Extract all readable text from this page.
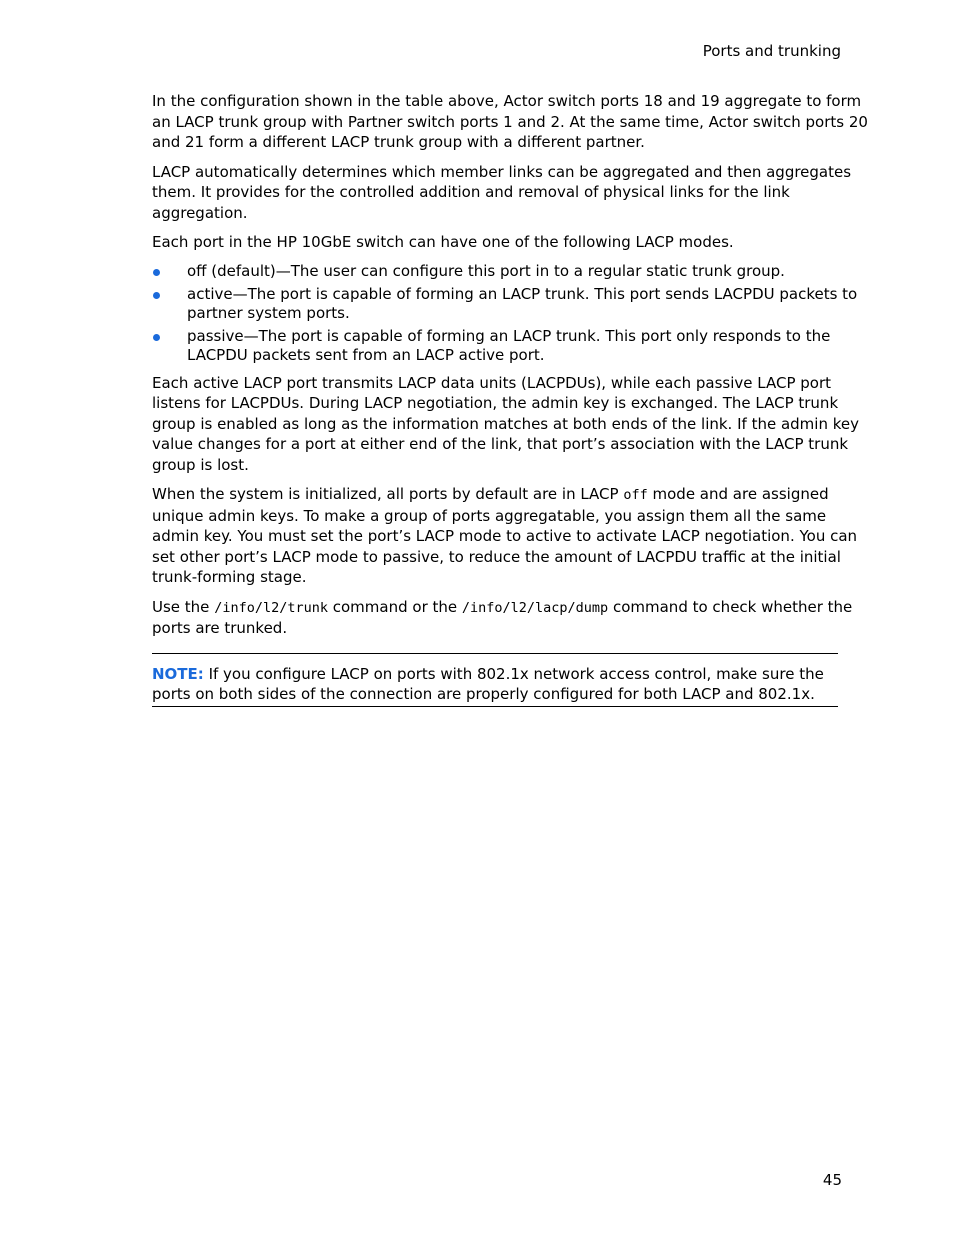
Ports and trunking

In the configuration shown in the table above, Actor switch ports 18 and 19 aggregate to form an LACP trunk group with Partner switch ports 1 and 2. At the same time, Actor switch ports 20 and 21 form a different LACP trunk group with a different partner.

LACP automatically determines which member links can be aggregated and then aggregates them. It provides for the controlled addition and removal of physical links for the link aggregation.

Each port in the HP 10GbE switch can have one of the following LACP modes.

off (default)—The user can configure this port in to a regular static trunk group.
active—The port is capable of forming an LACP trunk. This port sends LACPDU packets to partner system ports.
passive—The port is capable of forming an LACP trunk. This port only responds to the LACPDU packets sent from an LACP active port.

Each active LACP port transmits LACP data units (LACPDUs), while each passive LACP port listens for LACPDUs. During LACP negotiation, the admin key is exchanged. The LACP trunk group is enabled as long as the information matches at both ends of the link. If the admin key value changes for a port at either end of the link, that port’s association with the LACP trunk group is lost.

When the system is initialized, all ports by default are in LACP off mode and are assigned unique admin keys. To make a group of ports aggregatable, you assign them all the same admin key. You must set the port’s LACP mode to active to activate LACP negotiation. You can set other port’s LACP mode to passive, to reduce the amount of LACPDU traffic at the initial trunk-forming stage.

Use the /info/l2/trunk command or the /info/l2/lacp/dump command to check whether the ports are trunked.

NOTE: If you configure LACP on ports with 802.1x network access control, make sure the ports on both sides of the connection are properly configured for both LACP and 802.1x.
45
